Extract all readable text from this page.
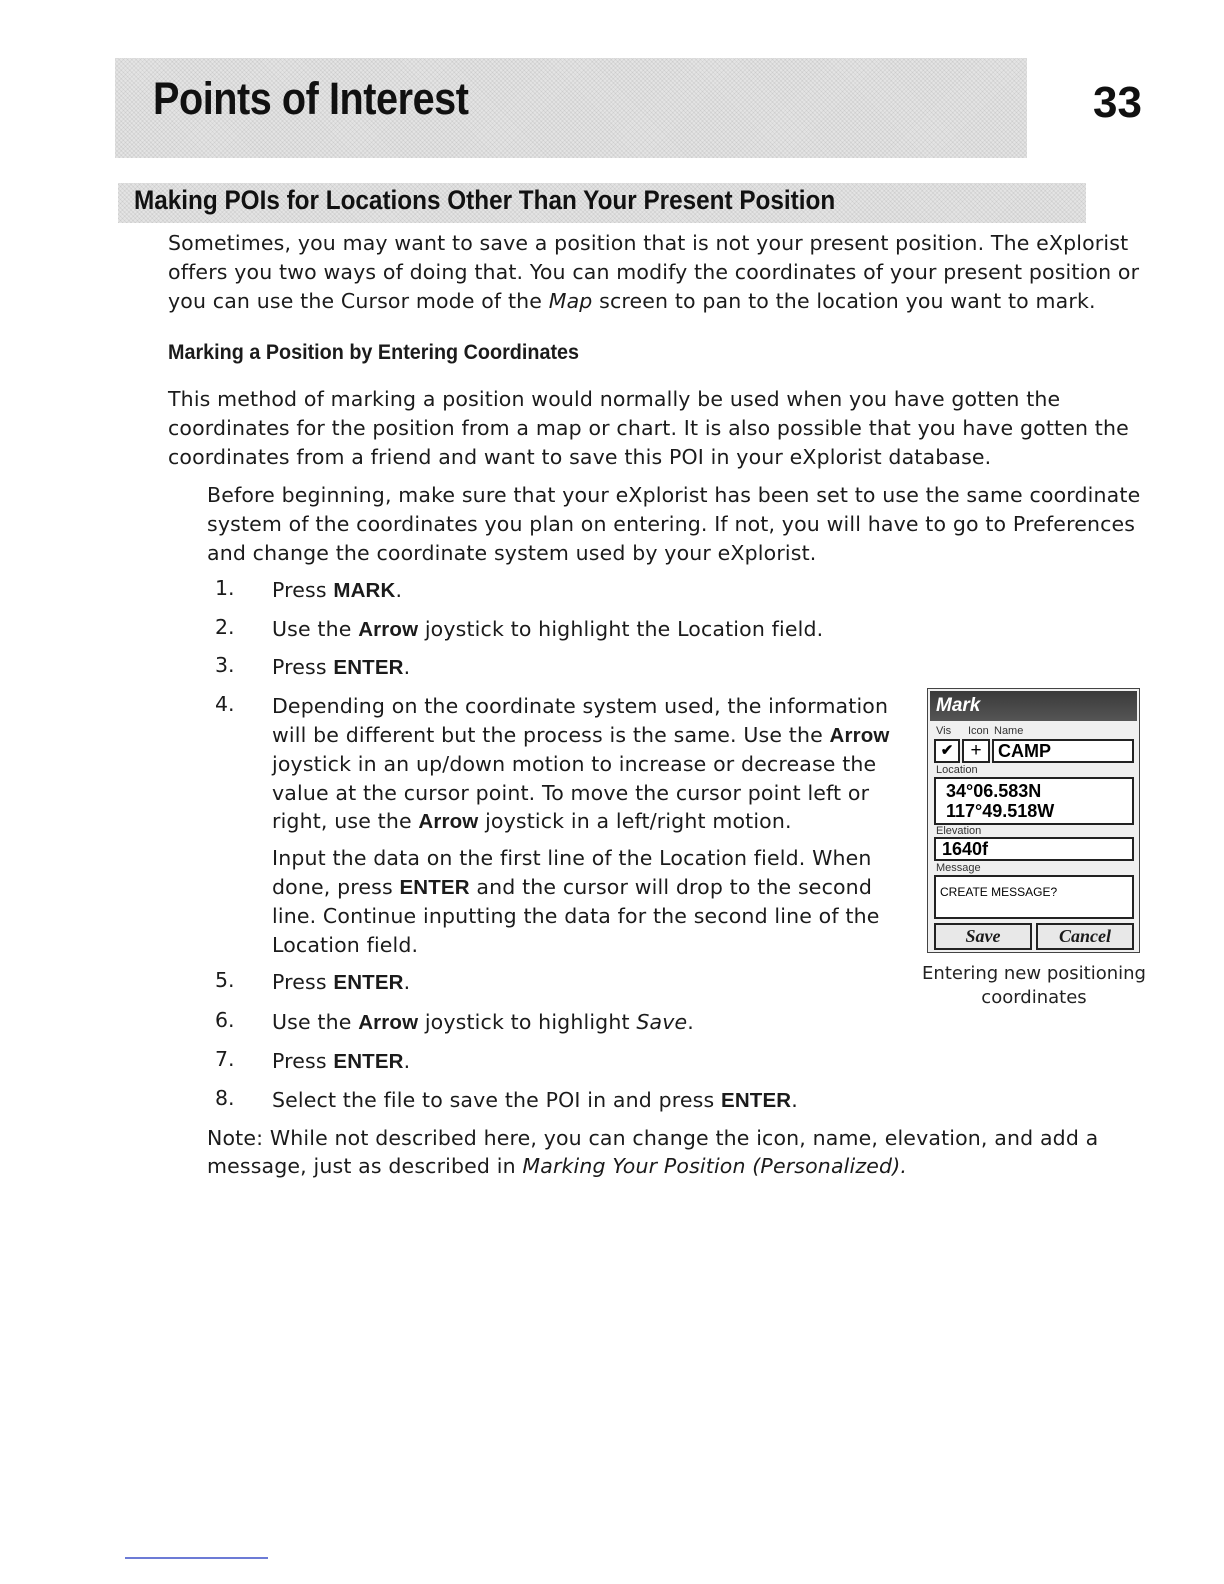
Points of Interest	33
Making POIs for Locations Other Than Your Present Position

Sometimes, you may want to save a position that is not your present position. The eXplorist offers you two ways of doing that. You can modify the coordinates of your present position or you can use the Cursor mode of the Map screen to pan to the location you want to mark.

Marking a Position by Entering Coordinates

This method of marking a position would normally be used when you have gotten the coordinates for the position from a map or chart. It is also possible that you have gotten the coordinates from a friend and want to save this POI in your eXplorist database.

Before beginning, make sure that your eXplorist has been set to use the same coordinate system of the coordinates you plan on entering. If not, you will have to go to Preferences and change the coordinate system used by your eXplorist.

1. Press MARK.
2. Use the Arrow joystick to highlight the Location field.
3. Press ENTER.
4. Depending on the coordinate system used, the information will be different but the process is the same. Use the Arrow joystick in an up/down motion to increase or decrease the value at the cursor point. To move the cursor point left or right, use the Arrow joystick in a left/right motion.
Input the data on the first line of the Location field. When done, press ENTER and the cursor will drop to the second line. Continue inputting the data for the second line of the Location field.
5. Press ENTER.
6. Use the Arrow joystick to highlight Save.
7. Press ENTER.
8. Select the file to save the POI in and press ENTER.

Note: While not described here, you can change the icon, name, elevation, and add a message, just as described in Marking Your Position (Personalized).

Mark
Vis Icon Name
✔ + CAMP
Location
34°06.583N
117°49.518W
Elevation
1640f
Message
CREATE MESSAGE?
Save	Cancel
Entering new positioning coordinates
